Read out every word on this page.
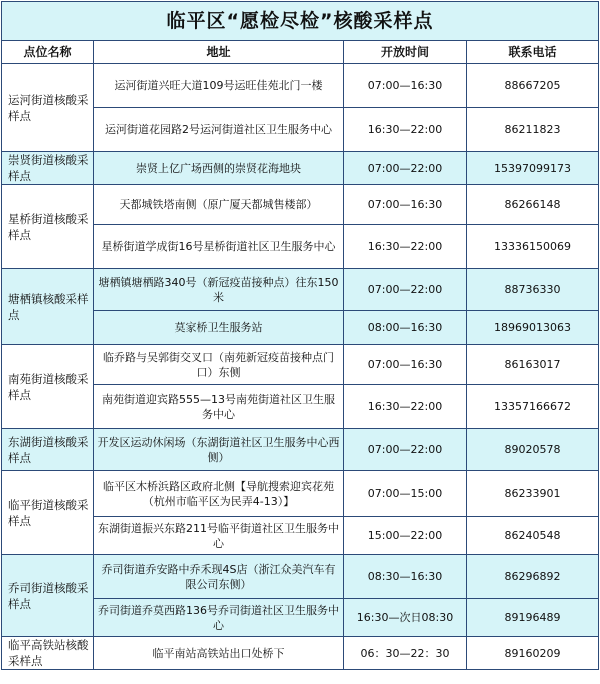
临平区“愿检尽检”核酸采样点			
点位名称	地址	开放时间	联系电话
运河街道核酸采样点	运河街道兴旺大道109号运旺佳苑北门一楼	07:00—16:30	88667205
	运河街道花园路2号运河街道社区卫生服务中心	16:30—22:00	86211823
崇贤街道核酸采样点	崇贤上亿广场西侧的崇贤花海地块	07:00—22:00	15397099173
星桥街道核酸采样点	天都城铁塔南侧（原广厦天都城售楼部）	07:00—16:30	86266148
	星桥街道学成街16号星桥街道社区卫生服务中心	16:30—22:00	13336150069
塘栖镇核酸采样点	塘栖镇塘栖路340号（新冠疫苗接种点）往东150米	07:00—22:00	88736330
	莫家桥卫生服务站	08:00—16:30	18969013063
南苑街道核酸采样点	临乔路与吴郭街交叉口（南苑新冠疫苗接种点门口）东侧	07:00—16:30	86163017
	南苑街道迎宾路555—13号南苑街道社区卫生服务中心	16:30—22:00	13357166672
东湖街道核酸采样点	开发区运动休闲场（东湖街道社区卫生服务中心西侧）	07:00—22:00	89020578
临平街道核酸采样点	临平区木桥浜路区政府北侧【导航搜索迎宾花苑（杭州市临平区为民弄4-13）】	07:00—15:00	86233901
	东湖街道振兴东路211号临平街道社区卫生服务中心	15:00—22:00	86240548
乔司街道核酸采样点	乔司街道乔安路中乔禾现4S店（浙江众美汽车有限公司东侧）	08:30—16:30	86296892
	乔司街道乔莫西路136号乔司街道社区卫生服务中心	16:30—次日08:30	89196489
临平高铁站核酸采样点	临平南站高铁站出口处桥下	06：30—22：30	89160209
